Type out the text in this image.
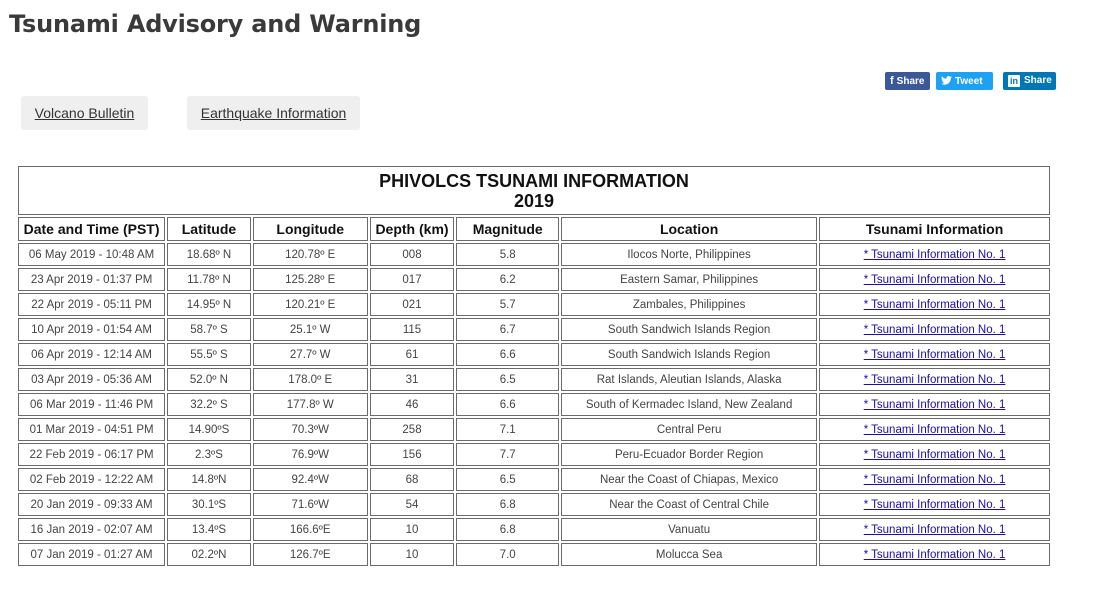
Tsunami Advisory and Warning
f Share	Tweet	in Share
Volcano Bulletin	Earthquake Information
PHIVOLCS TSUNAMI INFORMATION
2019						

Date and Time (PST)	Latitude	Longitude	Depth (km)	Magnitude	Location	Tsunami Information
06 May 2019 - 10:48 AM	18.68º N	120.78º E	008	5.8	Ilocos Norte, Philippines	* Tsunami Information No. 1
23 Apr 2019 - 01:37 PM	11.78º N	125.28º E	017	6.2	Eastern Samar, Philippines	* Tsunami Information No. 1
22 Apr 2019 - 05:11 PM	14.95º N	120.21º E	021	5.7	Zambales, Philippines	* Tsunami Information No. 1
10 Apr 2019 - 01:54 AM	58.7º S	25.1º W	115	6.7	South Sandwich Islands Region	* Tsunami Information No. 1
06 Apr 2019 - 12:14 AM	55.5º S	27.7º W	61	6.6	South Sandwich Islands Region	* Tsunami Information No. 1
03 Apr 2019 - 05:36 AM	52.0º N	178.0º E	31	6.5	Rat Islands, Aleutian Islands, Alaska	* Tsunami Information No. 1
06 Mar 2019 - 11:46 PM	32.2º S	177.8º W	46	6.6	South of Kermadec Island, New Zealand	* Tsunami Information No. 1
01 Mar 2019 - 04:51 PM	14.90ºS	70.3ºW	258	7.1	Central Peru	* Tsunami Information No. 1
22 Feb 2019 - 06:17 PM	2.3ºS	76.9ºW	156	7.7	Peru-Ecuador Border Region	* Tsunami Information No. 1
02 Feb 2019 - 12:22 AM	14.8ºN	92.4ºW	68	6.5	Near the Coast of Chiapas, Mexico	* Tsunami Information No. 1
20 Jan 2019 - 09:33 AM	30.1ºS	71.6ºW	54	6.8	Near the Coast of Central Chile	* Tsunami Information No. 1
16 Jan 2019 - 02:07 AM	13.4ºS	166.6ºE	10	6.8	Vanuatu	* Tsunami Information No. 1
07 Jan 2019 - 01:27 AM	02.2ºN	126.7ºE	10	7.0	Molucca Sea	* Tsunami Information No. 1
